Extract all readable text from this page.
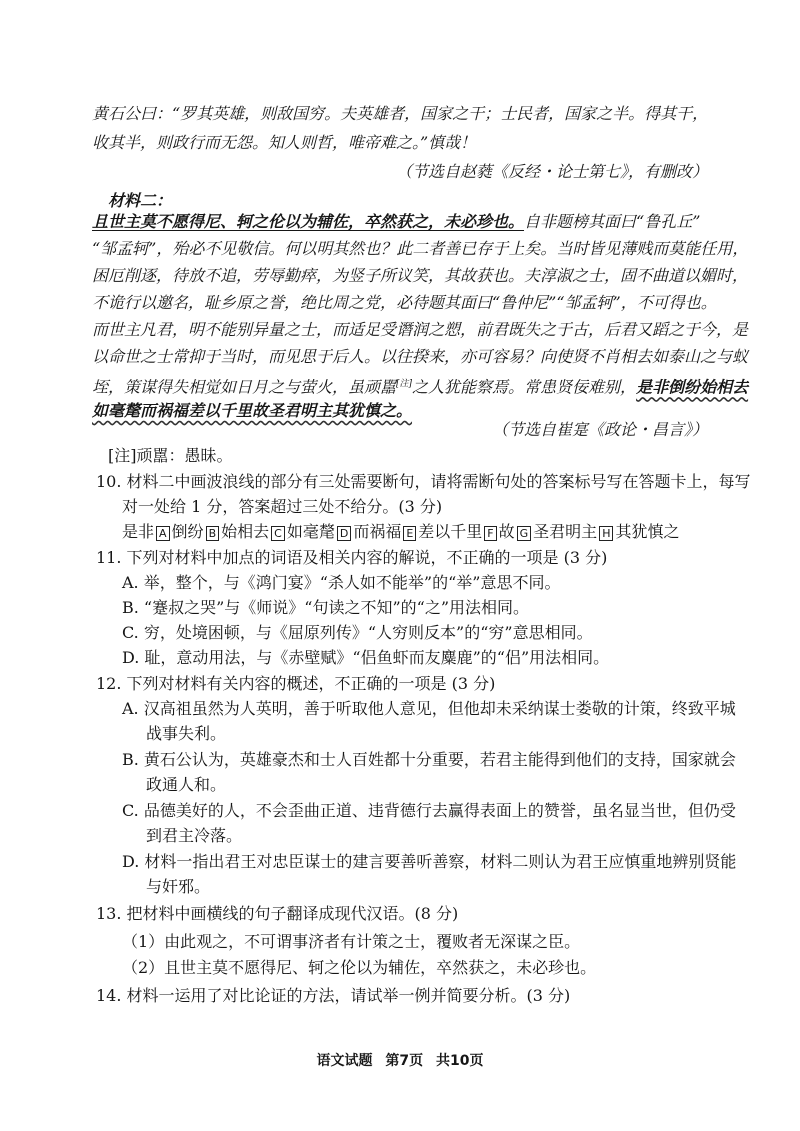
黄石公曰：“罗其英雄，则敌国穷。夫英雄者，国家之干；士民者，国家之半。得其干，
收其半，则政行而无怨。知人则哲，唯帝难之。”慎哉！
（节选自赵蕤《反经・论士第七》，有删改）
材料二：
且世主莫不愿得尼、轲之伦以为辅佐，卒然获之，未必珍也。自非题榜其面曰“鲁孔丘”
“邹孟轲”，殆必不见敬信。何以明其然也？此二者善已存于上矣。当时皆见薄贱而莫能任用，
困厄削逐，待放不追，劳辱勤瘁，为竖子所议笑，其故获也。夫淳淑之士，固不曲道以媚时，
不诡行以邀名，耻乡原之誉，绝比周之党，必待题其面曰“鲁仲尼”“邹孟轲”，不可得也。
而世主凡君，明不能别异量之士，而适足受谮润之愬，前君既失之于古，后君又蹈之于今，是
以命世之士常抑于当时，而见思于后人。以往揆来，亦可容易？向使贤不肖相去如泰山之与蚁
垤，策谋得失相觉如日月之与萤火，虽顽嚚[注]之人犹能察焉。常患贤佞难别，是非倒纷始相去
如毫氂而祸福差以千里故圣君明主其犹慎之。
（节选自崔寔《政论・昌言》）
[注]顽嚚：愚昧。
10. 材料二中画波浪线的部分有三处需要断句，请将需断句处的答案标号写在答题卡上，每写
对一处给 1 分，答案超过三处不给分。(3 分)
是非 A 倒纷 B 始相去 C 如毫氂 D 而祸福 E 差以千里 F 故 G 圣君明主 H 其犹慎之
11. 下列对材料中加点的词语及相关内容的解说，不正确的一项是 (3 分)
A. 举，整个，与《鸿门宴》“杀人如不能举”的“举”意思不同。
B. “蹇叔之哭”与《师说》“句读之不知”的“之”用法相同。
C. 穷，处境困顿，与《屈原列传》“人穷则反本”的“穷”意思相同。
D. 耻，意动用法，与《赤壁赋》“侣鱼虾而友麋鹿”的“侣”用法相同。
12. 下列对材料有关内容的概述，不正确的一项是 (3 分)
A. 汉高祖虽然为人英明，善于听取他人意见，但他却未采纳谋士娄敬的计策，终致平城
战事失利。
B. 黄石公认为，英雄豪杰和士人百姓都十分重要，若君主能得到他们的支持，国家就会
政通人和。
C. 品德美好的人，不会歪曲正道、违背德行去赢得表面上的赞誉，虽名显当世，但仍受
到君主冷落。
D. 材料一指出君王对忠臣谋士的建言要善听善察，材料二则认为君王应慎重地辨别贤能
与奸邪。
13. 把材料中画横线的句子翻译成现代汉语。(8 分)
（1）由此观之，不可谓事济者有计策之士，覆败者无深谋之臣。
（2）且世主莫不愿得尼、轲之伦以为辅佐，卒然获之，未必珍也。
14. 材料一运用了对比论证的方法，请试举一例并简要分析。(3 分)
语文试题 第7页 共10页
